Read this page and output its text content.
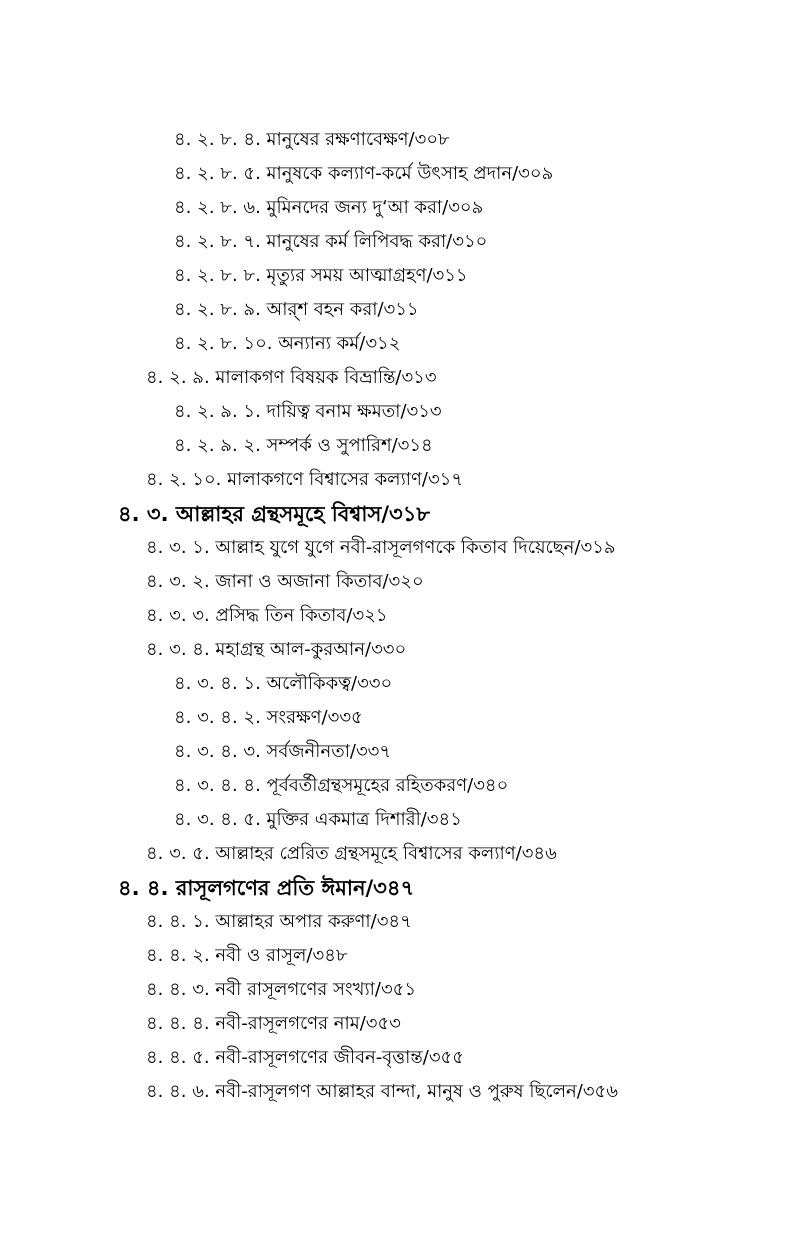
৪. ২. ৮. ৪. মানুষের রক্ষণাবেক্ষণ/৩০৮
৪. ২. ৮. ৫. মানুষকে কল্যাণ-কর্মে উৎসাহ প্রদান/৩০৯
৪. ২. ৮. ৬. মুমিনদের জন্য দু‘আ করা/৩০৯
৪. ২. ৮. ৭. মানুষের কর্ম লিপিবদ্ধ করা/৩১০
৪. ২. ৮. ৮. মৃত্যুর সময় আত্মাগ্রহণ/৩১১
৪. ২. ৮. ৯. আর্‌শ বহন করা/৩১১
৪. ২. ৮. ১০. অন্যান্য কর্ম/৩১২
৪. ২. ৯. মালাকগণ বিষয়ক বিভ্রান্তি/৩১৩
৪. ২. ৯. ১. দায়িত্ব বনাম ক্ষমতা/৩১৩
৪. ২. ৯. ২. সম্পর্ক ও সুপারিশ/৩১৪
৪. ২. ১০. মালাকগণে বিশ্বাসের কল্যাণ/৩১৭
৪. ৩. আল্লাহর গ্রন্থসমূহে বিশ্বাস/৩১৮
৪. ৩. ১. আল্লাহ যুগে যুগে নবী-রাসূলগণকে কিতাব দিয়েছেন/৩১৯
৪. ৩. ২. জানা ও অজানা কিতাব/৩২০
৪. ৩. ৩. প্রসিদ্ধ তিন কিতাব/৩২১
৪. ৩. ৪. মহাগ্রন্থ আল-কুরআন/৩৩০
৪. ৩. ৪. ১. অলৌকিকত্ব/৩৩০
৪. ৩. ৪. ২. সংরক্ষণ/৩৩৫
৪. ৩. ৪. ৩. সর্বজনীনতা/৩৩৭
৪. ৩. ৪. ৪. পূর্ববর্তীগ্রন্থসমূহের রহিতকরণ/৩৪০
৪. ৩. ৪. ৫. মুক্তির একমাত্র দিশারী/৩৪১
৪. ৩. ৫. আল্লাহর প্রেরিত গ্রন্থসমূহে বিশ্বাসের কল্যাণ/৩৪৬
৪. ৪. রাসূলগণের প্রতি ঈমান/৩৪৭
৪. ৪. ১. আল্লাহর অপার করুণা/৩৪৭
৪. ৪. ২. নবী ও রাসূল/৩৪৮
৪. ৪. ৩. নবী রাসূলগণের সংখ্যা/৩৫১
৪. ৪. ৪. নবী-রাসূলগণের নাম/৩৫৩
৪. ৪. ৫. নবী-রাসূলগণের জীবন-বৃত্তান্ত/৩৫৫
৪. ৪. ৬. নবী-রাসূলগণ আল্লাহর বান্দা, মানুষ ও পুরুষ ছিলেন/৩৫৬
